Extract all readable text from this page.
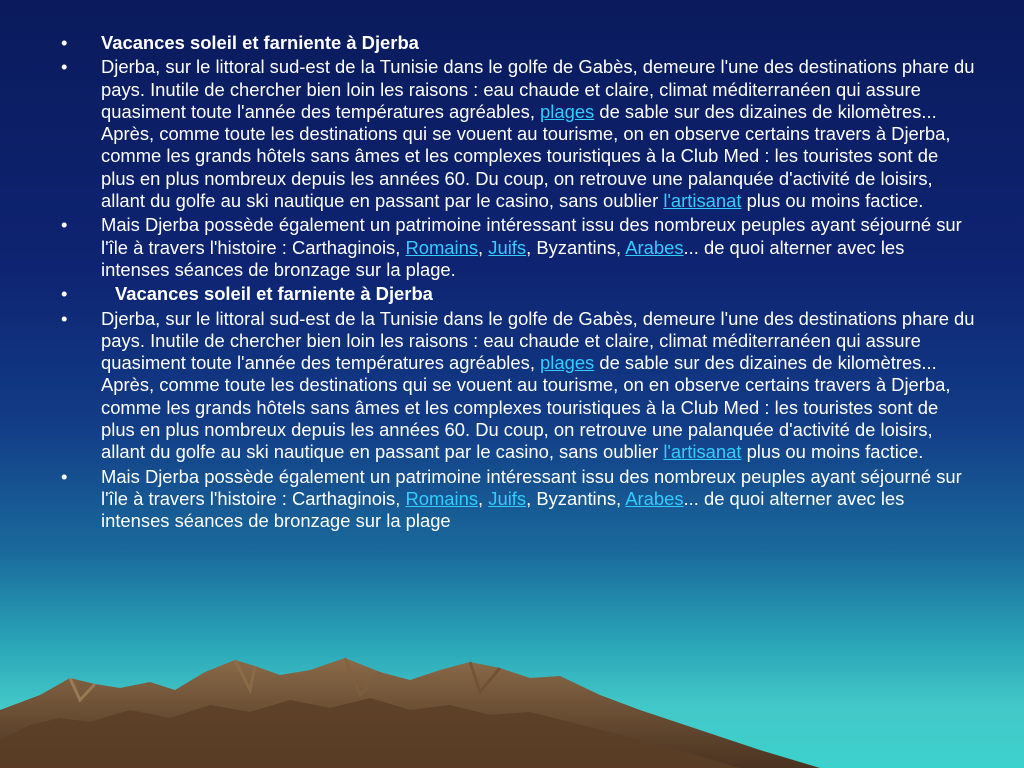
• Vacances soleil et farniente à Djerba
• Djerba, sur le littoral sud-est de la Tunisie dans le golfe de Gabès, demeure l'une des destinations phare du pays. Inutile de chercher bien loin les raisons : eau chaude et claire, climat méditerranéen qui assure quasiment toute l'année des températures agréables, plages de sable sur des dizaines de kilomètres... Après, comme toute les destinations qui se vouent au tourisme, on en observe certains travers à Djerba, comme les grands hôtels sans âmes et les complexes touristiques à la Club Med : les touristes sont de plus en plus nombreux depuis les années 60. Du coup, on retrouve une palanquée d'activité de loisirs, allant du golfe au ski nautique en passant par le casino, sans oublier l'artisanat plus ou moins factice.
• Mais Djerba possède également un patrimoine intéressant issu des nombreux peuples ayant séjourné sur l'île à travers l'histoire : Carthaginois, Romains, Juifs, Byzantins, Arabes... de quoi alterner avec les intenses séances de bronzage sur la plage.
•	Vacances soleil et farniente à Djerba
• Djerba, sur le littoral sud-est de la Tunisie dans le golfe de Gabès, demeure l'une des destinations phare du pays. Inutile de chercher bien loin les raisons : eau chaude et claire, climat méditerranéen qui assure quasiment toute l'année des températures agréables, plages de sable sur des dizaines de kilomètres... Après, comme toute les destinations qui se vouent au tourisme, on en observe certains travers à Djerba, comme les grands hôtels sans âmes et les complexes touristiques à la Club Med : les touristes sont de plus en plus nombreux depuis les années 60. Du coup, on retrouve une palanquée d'activité de loisirs, allant du golfe au ski nautique en passant par le casino, sans oublier l'artisanat plus ou moins factice.
• Mais Djerba possède également un patrimoine intéressant issu des nombreux peuples ayant séjourné sur l'île à travers l'histoire : Carthaginois, Romains, Juifs, Byzantins, Arabes... de quoi alterner avec les intenses séances de bronzage sur la plage
